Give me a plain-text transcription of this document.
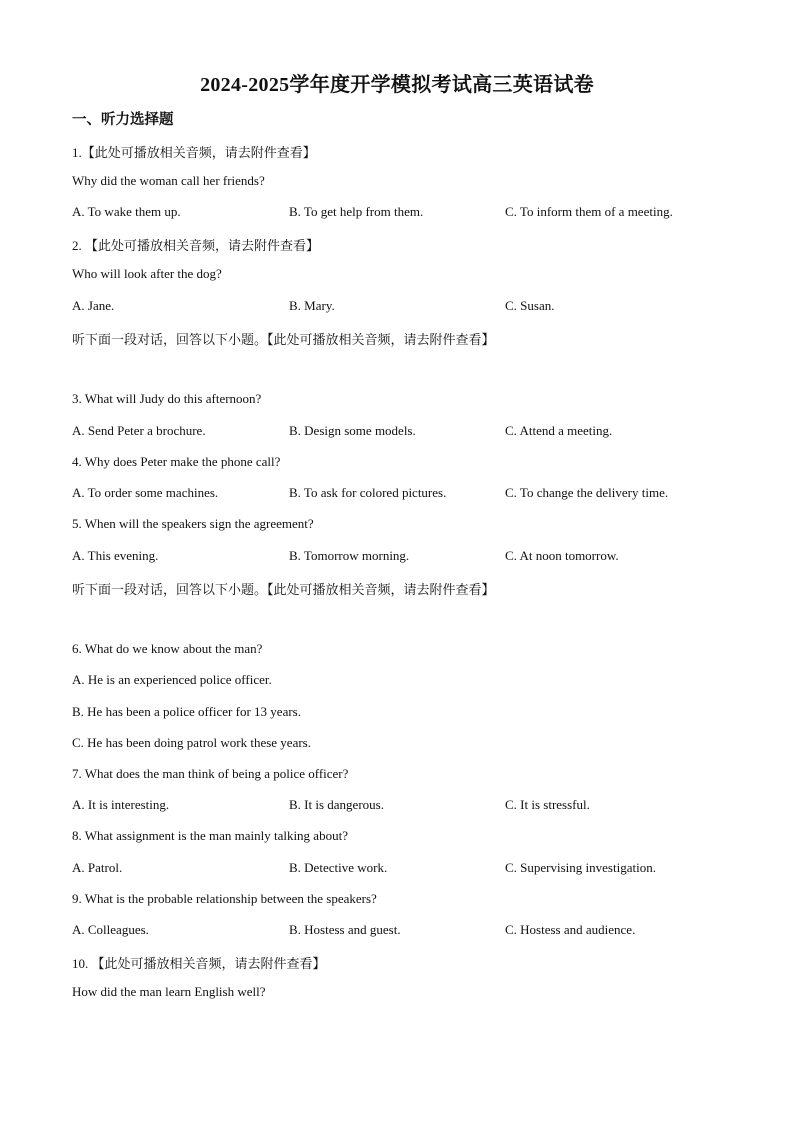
2024-2025学年度开学模拟考试高三英语试卷
一、听力选择题
1.【此处可播放相关音频，请去附件查看】
Why did the woman call her friends?
A. To wake them up.	B. To get help from them.	C. To inform them of a meeting.
2. 【此处可播放相关音频，请去附件查看】
Who will look after the dog?
A. Jane.	B. Mary.	C. Susan.
听下面一段对话，回答以下小题。【此处可播放相关音频，请去附件查看】
3. What will Judy do this afternoon?
A. Send Peter a brochure.	B. Design some models.	C. Attend a meeting.
4. Why does Peter make the phone call?
A. To order some machines.	B. To ask for colored pictures.	C. To change the delivery time.
5. When will the speakers sign the agreement?
A. This evening.	B. Tomorrow morning.	C. At noon tomorrow.
听下面一段对话，回答以下小题。【此处可播放相关音频，请去附件查看】
6. What do we know about the man?
A. He is an experienced police officer.
B. He has been a police officer for 13 years.
C. He has been doing patrol work these years.
7. What does the man think of being a police officer?
A. It is interesting.	B. It is dangerous.	C. It is stressful.
8. What assignment is the man mainly talking about?
A. Patrol.	B. Detective work.	C. Supervising investigation.
9. What is the probable relationship between the speakers?
A. Colleagues.	B. Hostess and guest.	C. Hostess and audience.
10. 【此处可播放相关音频，请去附件查看】
How did the man learn English well?
